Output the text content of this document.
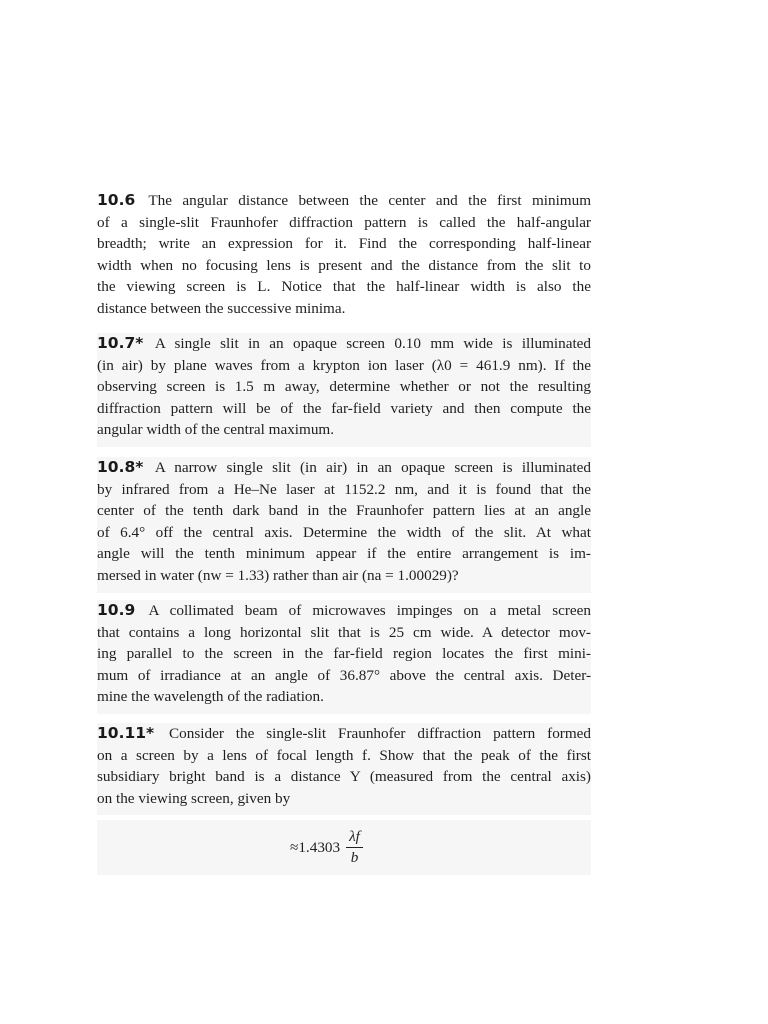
10.6 The angular distance between the center and the first minimum
of a single-slit Fraunhofer diffraction pattern is called the half-angular
breadth; write an expression for it. Find the corresponding half-linear
width when no focusing lens is present and the distance from the slit to
the viewing screen is L. Notice that the half-linear width is also the
distance between the successive minima.
10.7* A single slit in an opaque screen 0.10 mm wide is illuminated
(in air) by plane waves from a krypton ion laser (λ0 = 461.9 nm). If the
observing screen is 1.5 m away, determine whether or not the resulting
diffraction pattern will be of the far-field variety and then compute the
angular width of the central maximum.
10.8* A narrow single slit (in air) in an opaque screen is illuminated
by infrared from a He–Ne laser at 1152.2 nm, and it is found that the
center of the tenth dark band in the Fraunhofer pattern lies at an angle
of 6.4° off the central axis. Determine the width of the slit. At what
angle will the tenth minimum appear if the entire arrangement is im-
mersed in water (nw = 1.33) rather than air (na = 1.00029)?
10.9 A collimated beam of microwaves impinges on a metal screen
that contains a long horizontal slit that is 25 cm wide. A detector mov-
ing parallel to the screen in the far-field region locates the first mini-
mum of irradiance at an angle of 36.87° above the central axis. Deter-
mine the wavelength of the radiation.
10.11* Consider the single-slit Fraunhofer diffraction pattern formed
on a screen by a lens of focal length f. Show that the peak of the first
subsidiary bright band is a distance Y (measured from the central axis)
on the viewing screen, given by
$\approx 1.4303 \frac{\lambda f}{b}$
